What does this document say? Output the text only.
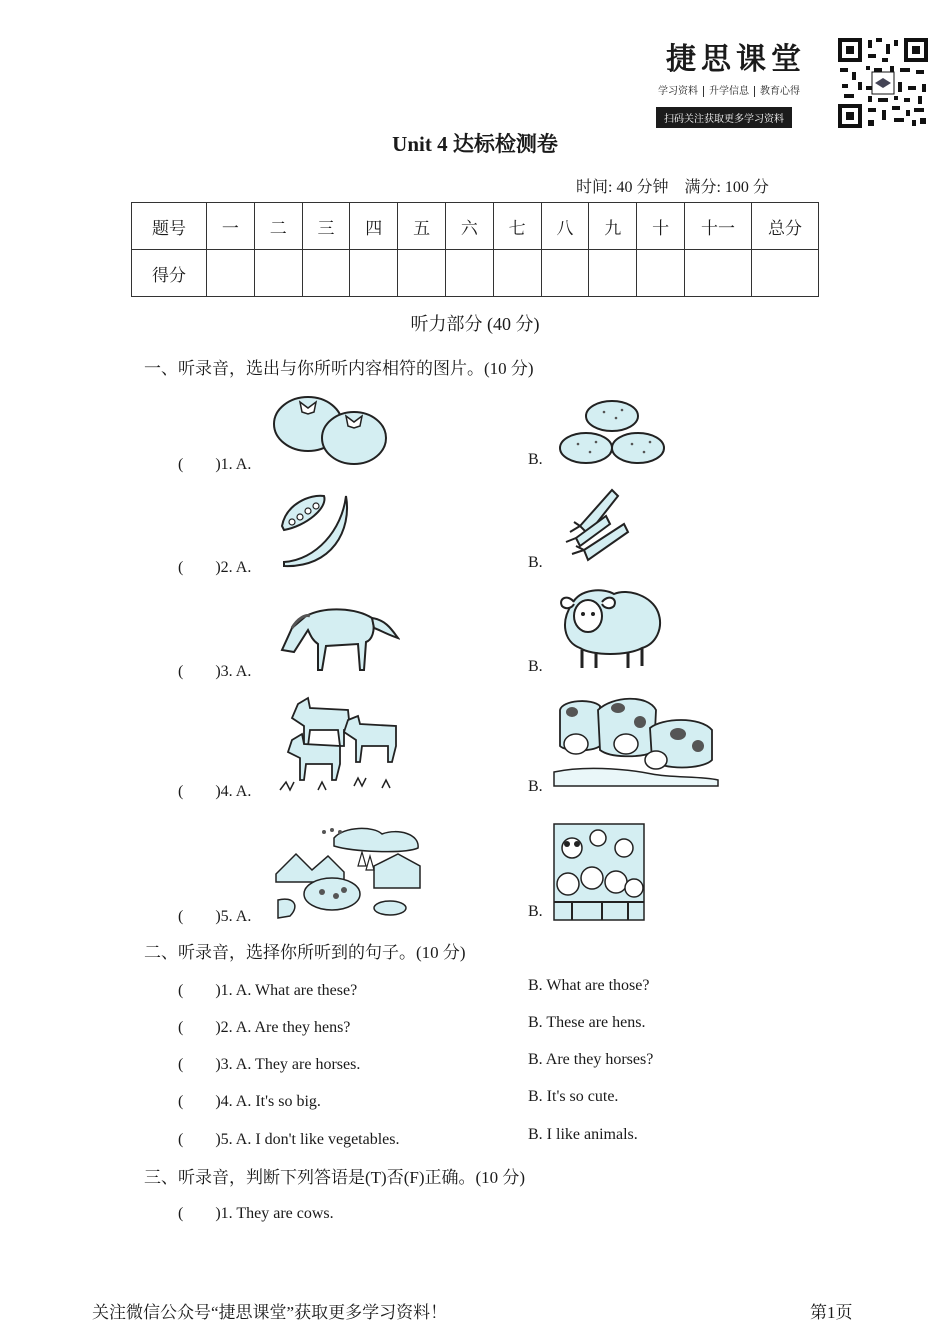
捷思课堂
学习资料 升学信息 教育心得
扫码关注获取更多学习资料
Unit 4 达标检测卷
时间: 40 分钟　满分: 100 分
题号	一	二	三	四	五	六	七	八	九	十	十一	总分
得分												
听力部分 (40 分)
一、听录音，选出与你所听内容相符的图片。(10 分)
(　　)1. A.	B.
(　　)2. A.	B.
(　　)3. A.	B.
(　　)4. A.	B.
(　　)5. A.	B.
二、听录音，选择你所听到的句子。(10 分)
(　　)1. A. What are these?	B. What are those?
(　　)2. A. Are they hens?	B. These are hens.
(　　)3. A. They are horses.	B. Are they horses?
(　　)4. A. It's so big.	B. It's so cute.
(　　)5. A. I don't like vegetables.	B. I like animals.
三、听录音，判断下列答语是(T)否(F)正确。(10 分)
(　　)1. They are cows.
关注微信公众号“捷思课堂”获取更多学习资料！	第1页
